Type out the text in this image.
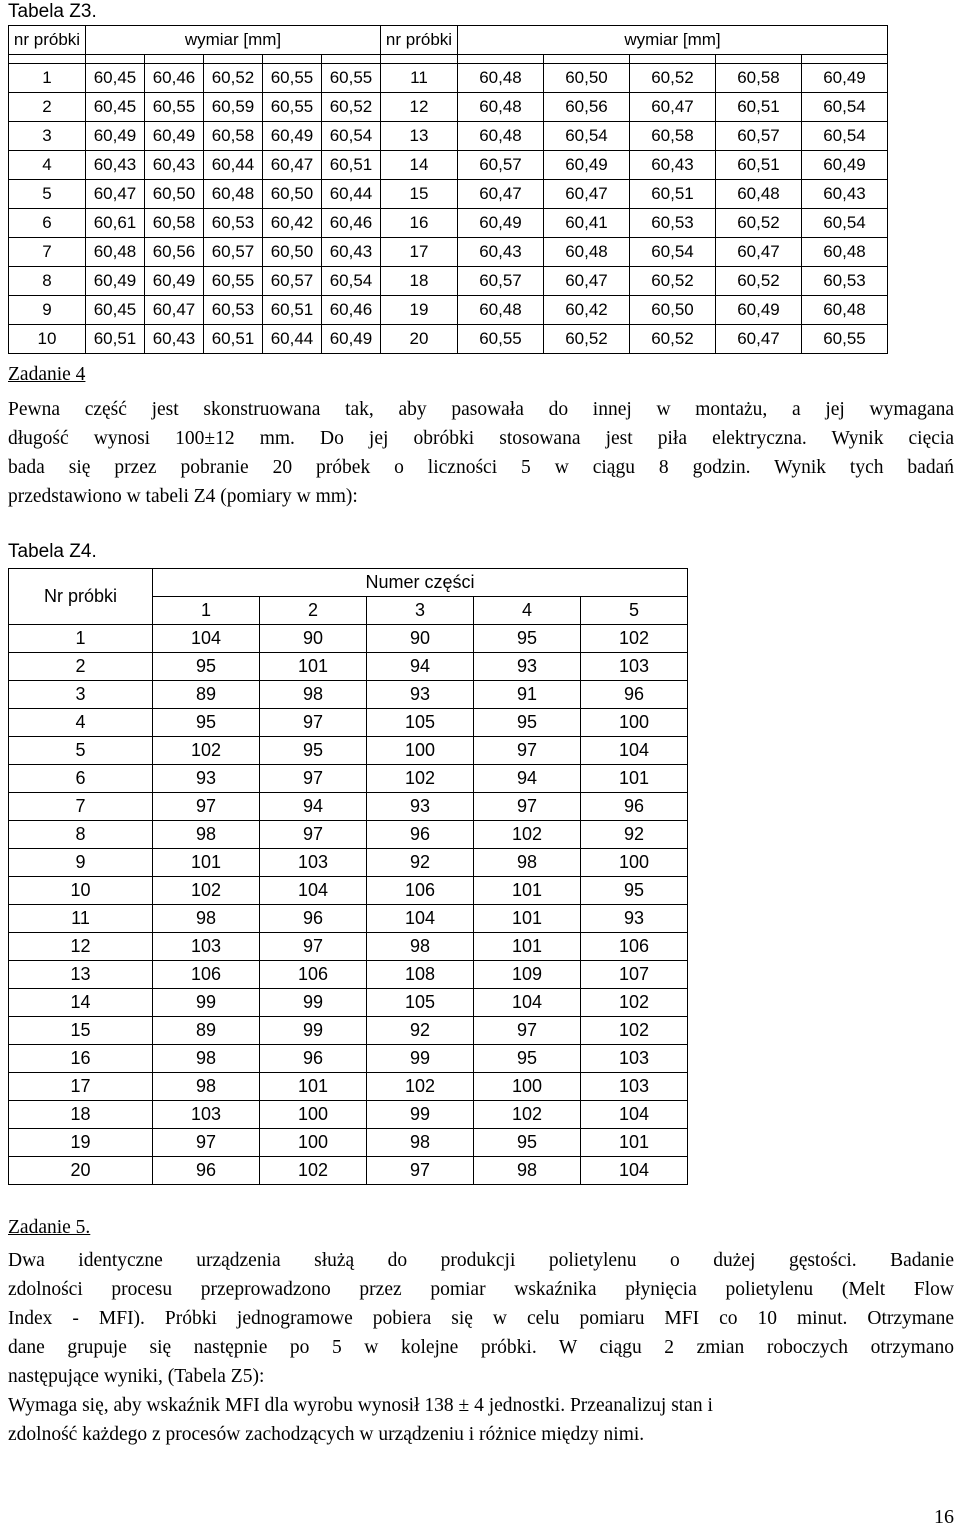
Tabela Z3.
nr próbki	wymiar [mm]					nr próbki	wymiar [mm]				

1	60,45	60,46	60,52	60,55	60,55	11	60,48	60,50	60,52	60,58	60,49
2	60,45	60,55	60,59	60,55	60,52	12	60,48	60,56	60,47	60,51	60,54
3	60,49	60,49	60,58	60,49	60,54	13	60,48	60,54	60,58	60,57	60,54
4	60,43	60,43	60,44	60,47	60,51	14	60,57	60,49	60,43	60,51	60,49
5	60,47	60,50	60,48	60,50	60,44	15	60,47	60,47	60,51	60,48	60,43
6	60,61	60,58	60,53	60,42	60,46	16	60,49	60,41	60,53	60,52	60,54
7	60,48	60,56	60,57	60,50	60,43	17	60,43	60,48	60,54	60,47	60,48
8	60,49	60,49	60,55	60,57	60,54	18	60,57	60,47	60,52	60,52	60,53
9	60,45	60,47	60,53	60,51	60,46	19	60,48	60,42	60,50	60,49	60,48
10	60,51	60,43	60,51	60,44	60,49	20	60,55	60,52	60,52	60,47	60,55
Zadanie 4
Pewna część jest skonstruowana tak, aby pasowała do innej w montażu, a jej wymagana
długość wynosi 100±12 mm. Do jej obróbki stosowana jest piła elektryczna. Wynik cięcia
bada się przez pobranie 20 próbek o liczności 5 w ciągu 8 godzin. Wynik tych badań
przedstawiono w tabeli Z4 (pomiary w mm):
Tabela Z4.
Nr próbki	Numer części				
	1	2	3	4	5
1	104	90	90	95	102
2	95	101	94	93	103
3	89	98	93	91	96
4	95	97	105	95	100
5	102	95	100	97	104
6	93	97	102	94	101
7	97	94	93	97	96
8	98	97	96	102	92
9	101	103	92	98	100
10	102	104	106	101	95
11	98	96	104	101	93
12	103	97	98	101	106
13	106	106	108	109	107
14	99	99	105	104	102
15	89	99	92	97	102
16	98	96	99	95	103
17	98	101	102	100	103
18	103	100	99	102	104
19	97	100	98	95	101
20	96	102	97	98	104
Zadanie 5.
Dwa identyczne urządzenia służą do produkcji polietylenu o dużej gęstości. Badanie
zdolności procesu przeprowadzono przez pomiar wskaźnika płynięcia polietylenu (Melt Flow
Index - MFI). Próbki jednogramowe pobiera się w celu pomiaru MFI co 10 minut. Otrzymane
dane grupuje się następnie po 5 w kolejne próbki. W ciągu 2 zmian roboczych otrzymano
następujące wyniki, (Tabela Z5):
Wymaga się, aby wskaźnik MFI dla wyrobu wynosił 138 ± 4 jednostki. Przeanalizuj stan i
zdolność każdego z procesów zachodzących w urządzeniu i różnice między nimi.
16
